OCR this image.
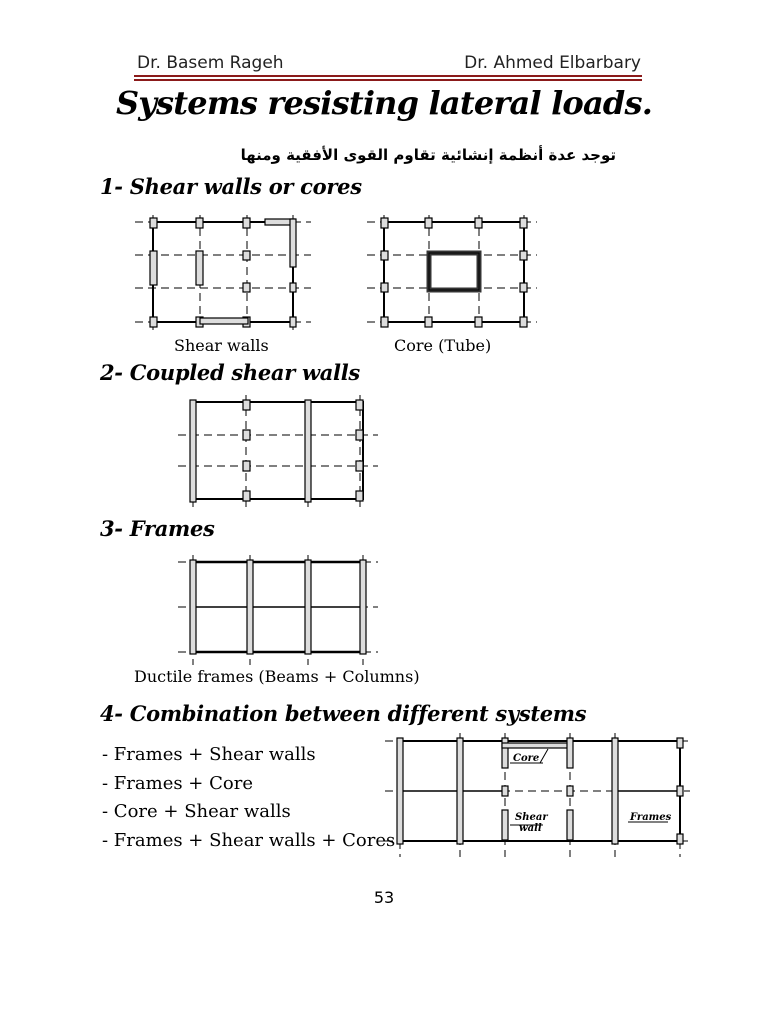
Dr. Basem Rageh	Dr. Ahmed Elbarbary
Systems resisting lateral loads.
توجد عدة أنظمة إنشائية تقاوم القوى الأفقية ومنها
1- Shear walls or cores
Shear walls	Core (Tube)
2- Coupled shear walls
3- Frames
Ductile frames (Beams + Columns)
4- Combination between different systems
- Frames + Shear walls
- Frames + Core
- Core + Shear walls
- Frames + Shear walls + Cores
Core
Shear
wall
Frames
53
